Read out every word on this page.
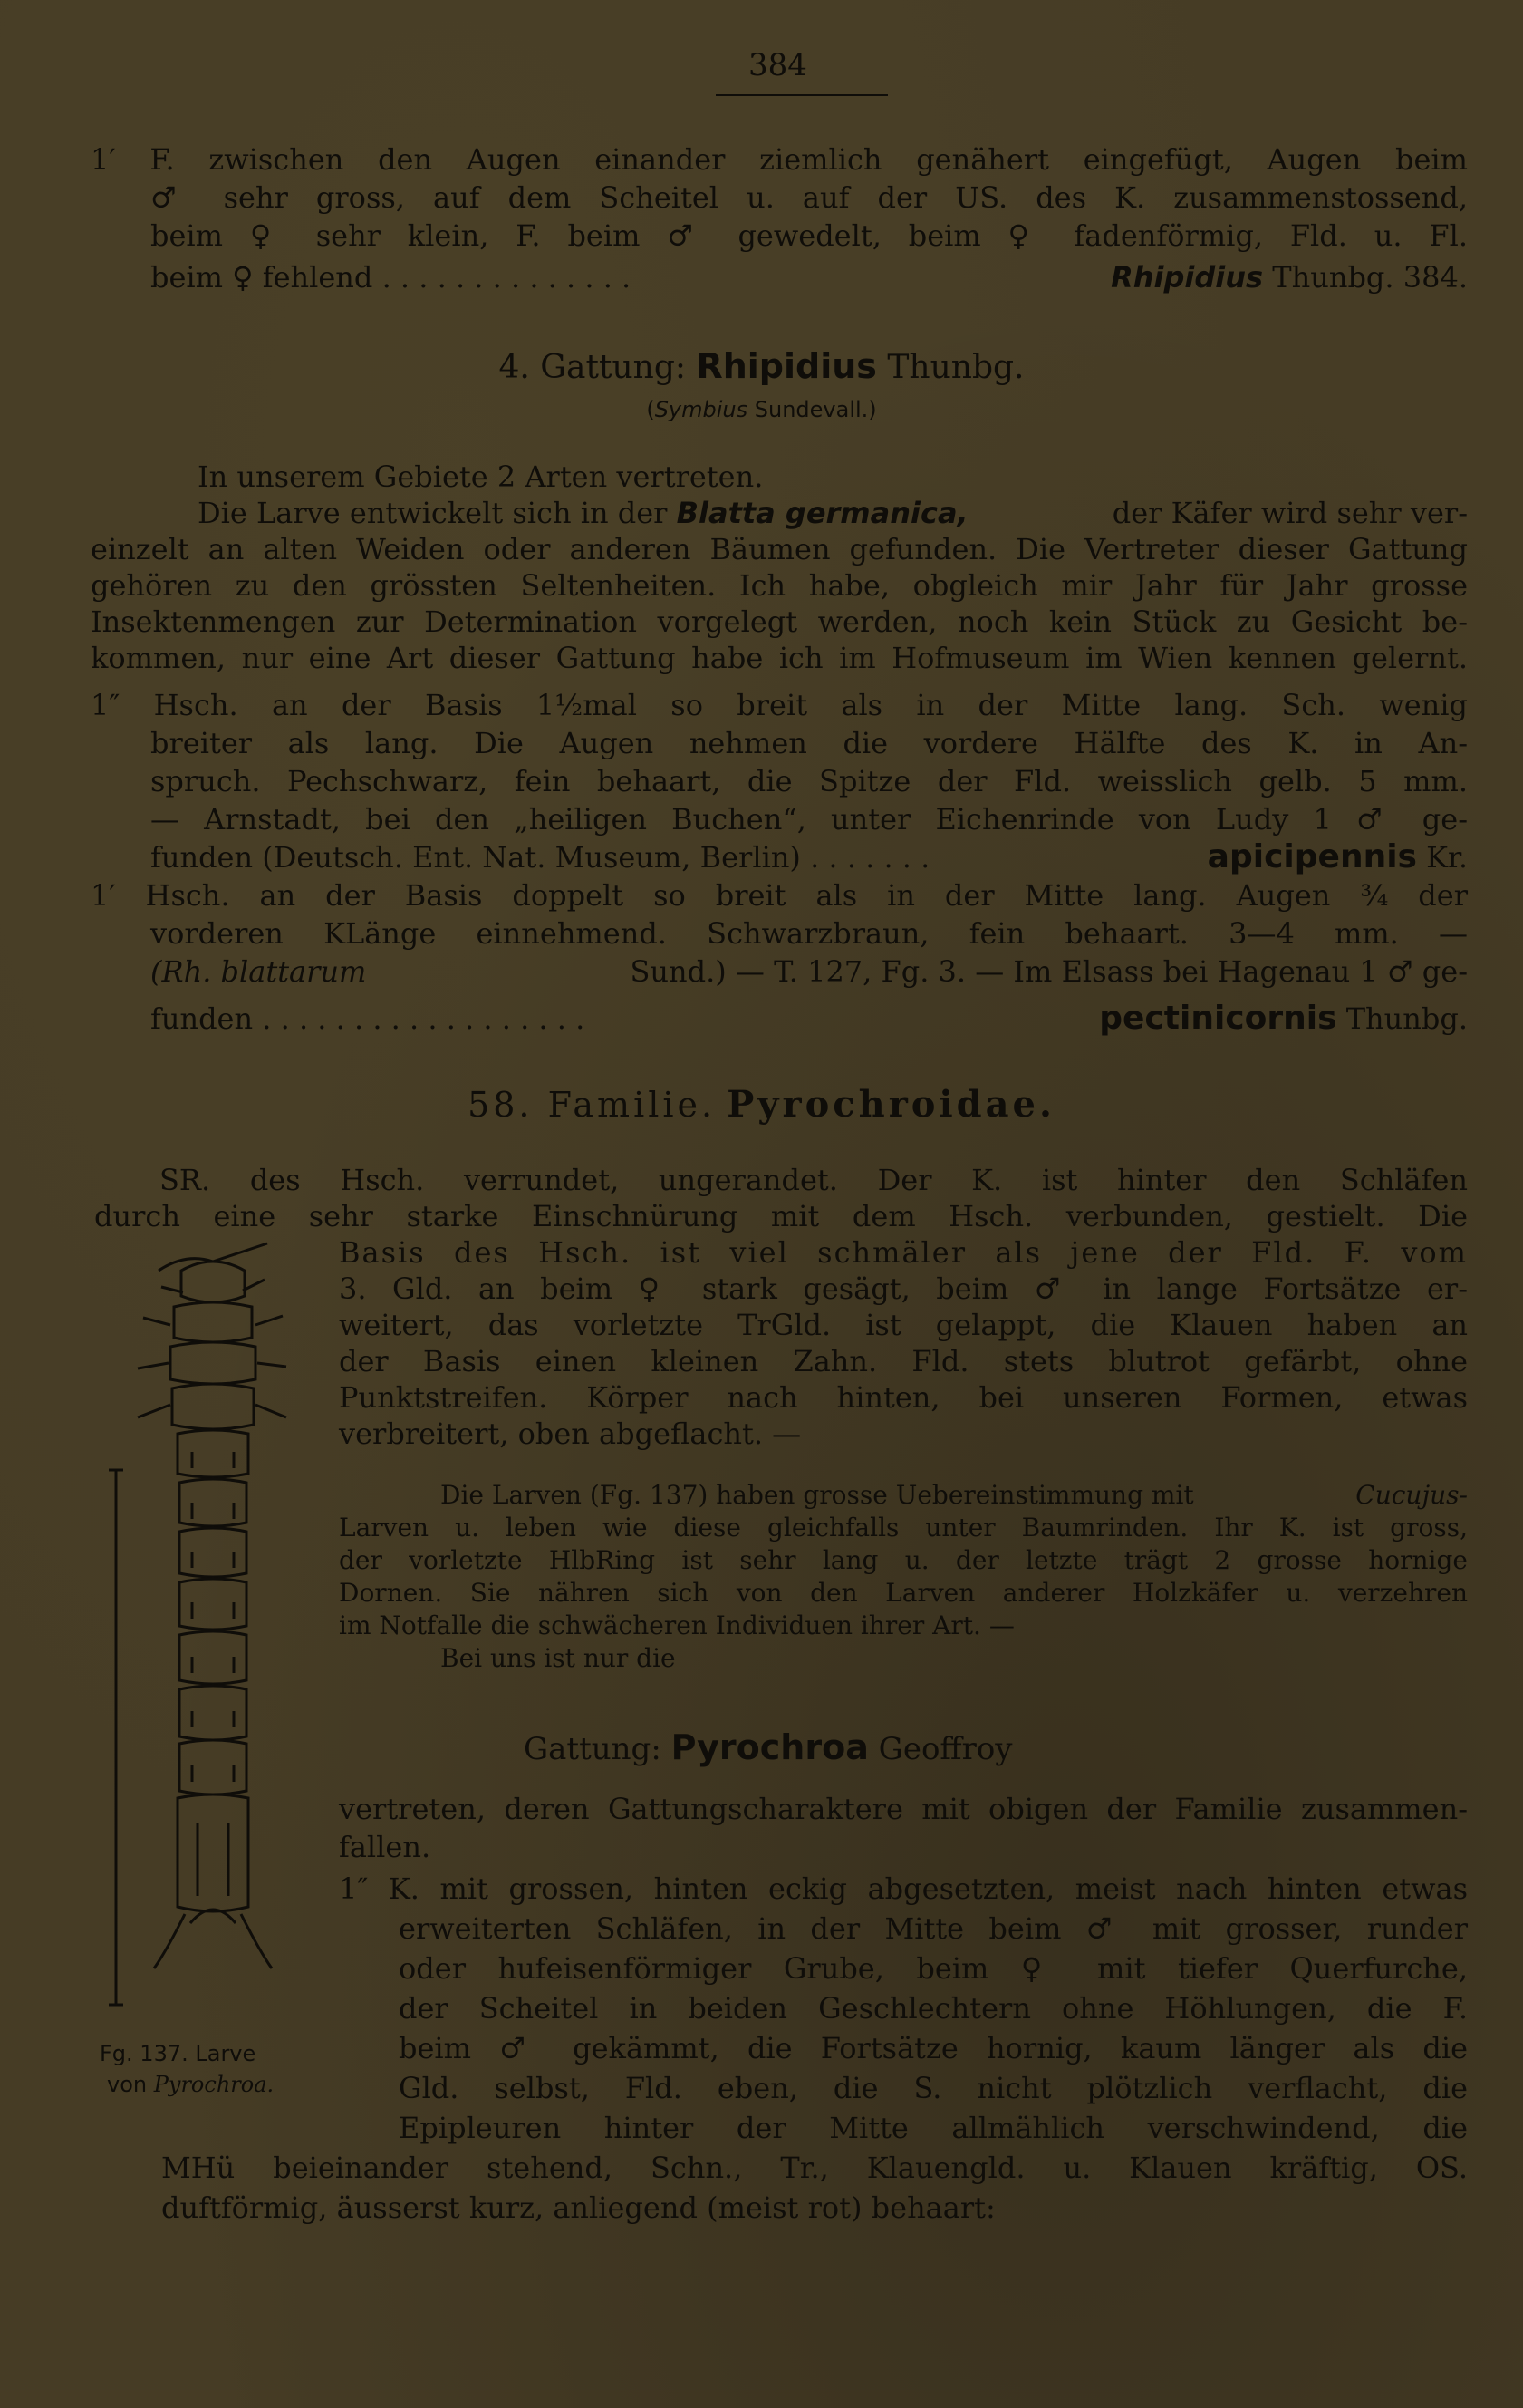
384
1′ F. zwischen den Augen einander ziemlich genähert eingefügt, Augen beim
♂ sehr gross, auf dem Scheitel u. auf der US. des K. zusammenstossend,
beim ♀ sehr klein, F. beim ♂ gewedelt, beim ♀ fadenförmig, Fld. u. Fl.
beim ♀ fehlend . . . . . . . . . . . . . .	Rhipidius Thunbg. 384.
4. Gattung: Rhipidius Thunbg.
(Symbius Sundevall.)
In unserem Gebiete 2 Arten vertreten.
Die Larve entwickelt sich in der Blatta germanica,	der Käfer wird sehr ver-
einzelt an alten Weiden oder anderen Bäumen gefunden. Die Vertreter dieser Gattung
gehören zu den grössten Seltenheiten. Ich habe, obgleich mir Jahr für Jahr grosse
Insektenmengen zur Determination vorgelegt werden, noch kein Stück zu Gesicht be-
kommen, nur eine Art dieser Gattung habe ich im Hofmuseum im Wien kennen gelernt.
1″ Hsch. an der Basis 1½mal so breit als in der Mitte lang. Sch. wenig
breiter als lang. Die Augen nehmen die vordere Hälfte des K. in An-
spruch. Pechschwarz, fein behaart, die Spitze der Fld. weisslich gelb. 5 mm.
— Arnstadt, bei den „heiligen Buchen“, unter Eichenrinde von Ludy 1 ♂ ge-
funden (Deutsch. Ent. Nat. Museum, Berlin) . . . . . . .	apicipennis Kr.
1′ Hsch. an der Basis doppelt so breit als in der Mitte lang. Augen ¾ der
vorderen KLänge einnehmend. Schwarzbraun, fein behaart. 3—4 mm. —
(Rh. blattarum	Sund.) — T. 127, Fg. 3. — Im Elsass bei Hagenau 1 ♂ ge-
funden . . . . . . . . . . . . . . . . . .	pectinicornis Thunbg.
58. Familie. Pyrochroidae.
SR. des Hsch. verrundet, ungerandet. Der K. ist hinter den Schläfen
durch eine sehr starke Einschnürung mit dem Hsch. verbunden, gestielt. Die
Basis des Hsch. ist viel schmäler als jene der Fld. F. vom
3. Gld. an beim ♀ stark gesägt, beim ♂ in lange Fortsätze er-
weitert, das vorletzte TrGld. ist gelappt, die Klauen haben an
der Basis einen kleinen Zahn. Fld. stets blutrot gefärbt, ohne
Punktstreifen. Körper nach hinten, bei unseren Formen, etwas
verbreitert, oben abgeflacht. —
Die Larven (Fg. 137) haben grosse Uebereinstimmung mit	Cucujus-
Larven u. leben wie diese gleichfalls unter Baumrinden. Ihr K. ist gross,
der vorletzte HlbRing ist sehr lang u. der letzte trägt 2 grosse hornige
Dornen. Sie nähren sich von den Larven anderer Holzkäfer u. verzehren
im Notfalle die schwächeren Individuen ihrer Art. —
Bei uns ist nur die
Gattung: Pyrochroa Geoffroy
vertreten, deren Gattungscharaktere mit obigen der Familie zusammen-
fallen.
1″ K. mit grossen, hinten eckig abgesetzten, meist nach hinten etwas
erweiterten Schläfen, in der Mitte beim ♂ mit grosser, runder
oder hufeisenförmiger Grube, beim ♀ mit tiefer Querfurche,
der Scheitel in beiden Geschlechtern ohne Höhlungen, die F.
beim ♂ gekämmt, die Fortsätze hornig, kaum länger als die
Gld. selbst, Fld. eben, die S. nicht plötzlich verflacht, die
Epipleuren hinter der Mitte allmählich verschwindend, die
MHü beieinander stehend, Schn., Tr., Klauengld. u. Klauen kräftig, OS.
duftförmig, äusserst kurz, anliegend (meist rot) behaart:
Fg. 137. Larve
von Pyrochroa.
